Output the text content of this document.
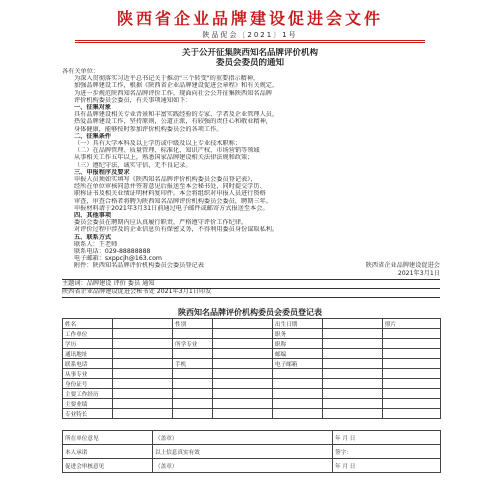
陕西省企业品牌建设促进会文件
陕品促会〔2021〕1号
关于公开征集陕西知名品牌评价机构
委员会委员的通知

各有关单位：

为深入贯彻落实习近平总书记关于推动"三个转变"的重要指示精神，

加强品牌建设工作，根据《陕西省企业品牌建设促进会章程》和有关规定，

为进一步规范陕西知名品牌评价工作，现面向社会公开征集陕西知名品牌

评价机构委员会委员，有关事项通知如下：

一、征集对象

具有品牌建设相关专业背景和丰富实践经验的专家、学者及企业管理人员，

热爱品牌建设工作，坚持原则，公道正派，有较强的责任心和敬业精神，

身体健康，能够按时参加评价机构委员会的各项工作。

二、征集条件

（一）具有大学本科及以上学历或中级及以上专业技术职称；

（二）在品牌管理、质量管理、标准化、知识产权、市场营销等领域

从事相关工作五年以上，熟悉国家品牌建设相关法律法规和政策；

（三）遵纪守法，诚实守信，无不良记录。

三、申报程序及要求

申报人员须如实填写《陕西知名品牌评价机构委员会委员登记表》，

经所在单位审核同意并签署意见后报送至本会秘书处，同时提交学历、

职称证书及相关业绩证明材料复印件。本会将组织对申报人员进行资格

审查，审查合格者将聘为陕西知名品牌评价机构委员会委员，聘期三年。

申报材料请于2021年3月31日前通过电子邮件或邮寄方式报送至本会。

四、其他事项

委员会委员在聘期内应认真履行职责，严格遵守评价工作纪律，

对评价过程中涉及的企业信息负有保密义务，不得利用委员身份谋取私利。

五、联系方式

联系人：王老师

联系电话：029-88888888

电子邮箱：sxppcjh@163.com

附件：陕西知名品牌评价机构委员会委员登记表	陕西省企业品牌建设促进会
2021年3月1日
主题词：品牌建设 评价 委员 通知
陕西省企业品牌建设促进会秘书处 2021年3月1日印发
陕西知名品牌评价机构委员会委员登记表
姓名		性别		出生日期		照片
工作单位				职务		
学历		所学专业		职称		
通讯地址				邮编		
联系电话		手机		电子邮箱		
从事专业						
身份证号						
主要工作经历						
主要业绩						
专业特长						
所在单位意见	（盖章）	年 月 日
本人承诺	以上信息真实有效	签字：
促进会审核意见	（盖章）	年 月 日
